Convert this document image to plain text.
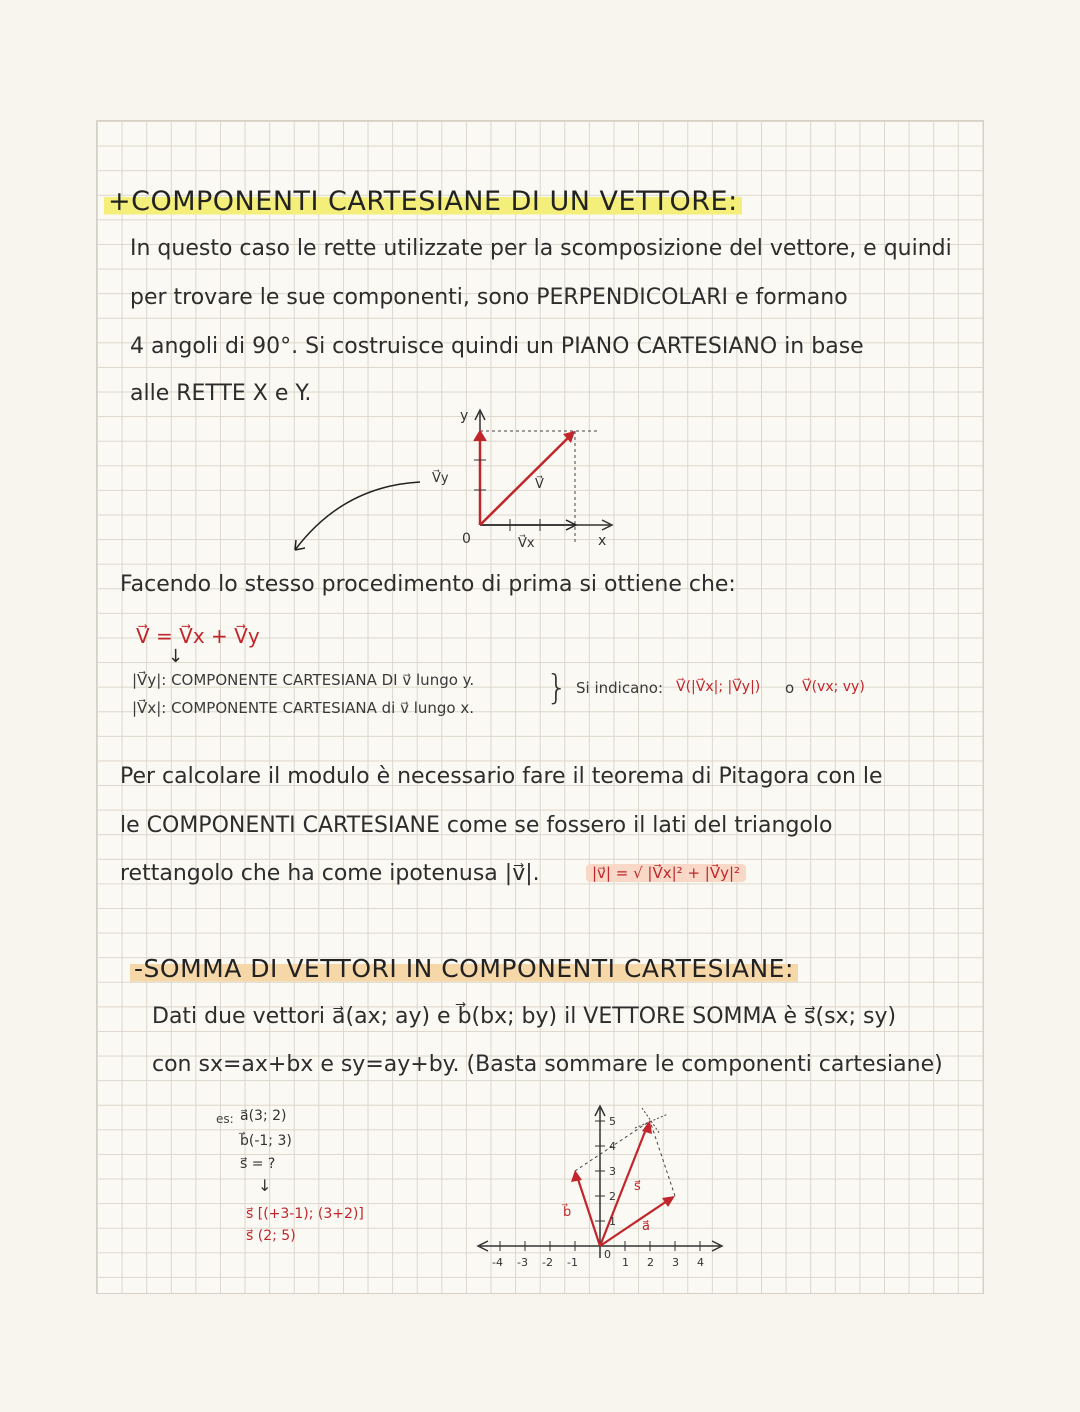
+COMPONENTI CARTESIANE DI UN VETTORE:
In questo caso le rette utilizzate per la scomposizione del vettore, e quindi
per trovare le sue componenti, sono PERPENDICOLARI e formano
4 angoli di 90°. Si costruisce quindi un PIANO CARTESIANO in base
alle RETTE X e Y.
y
x
0
V⃗y	V⃗
V⃗x
Facendo lo stesso procedimento di prima si ottiene che:
V⃗ = V⃗x + V⃗y
↓
|V⃗y|: COMPONENTE CARTESIANA DI v⃗ lungo y.
|V⃗x|: COMPONENTE CARTESIANA di v⃗ lungo x. } Si indicano: V⃗(|V⃗x|; |V⃗y|) o V⃗(vx; vy)
Per calcolare il modulo è necessario fare il teorema di Pitagora con le
le COMPONENTI CARTESIANE come se fossero il lati del triangolo
rettangolo che ha come ipotenusa |v⃗|.	|v⃗| = √ |V⃗x|² + |V⃗y|²
-SOMMA DI VETTORI IN COMPONENTI CARTESIANE:
Dati due vettori a⃗(ax; ay) e b⃗(bx; by) il VETTORE SOMMA è s⃗(sx; sy)
con sx=ax+bx e sy=ay+by. (Basta sommare le componenti cartesiane)
es: a⃗(3; 2)
b⃗(-1; 3)
s⃗ = ?
↓
s⃗ [(+3-1); (3+2)]
s⃗ (2; 5)
5
4
3
2
1
-4 -3 -2 -1
0
1 2 3 4
a⃗
b⃗
s⃗
